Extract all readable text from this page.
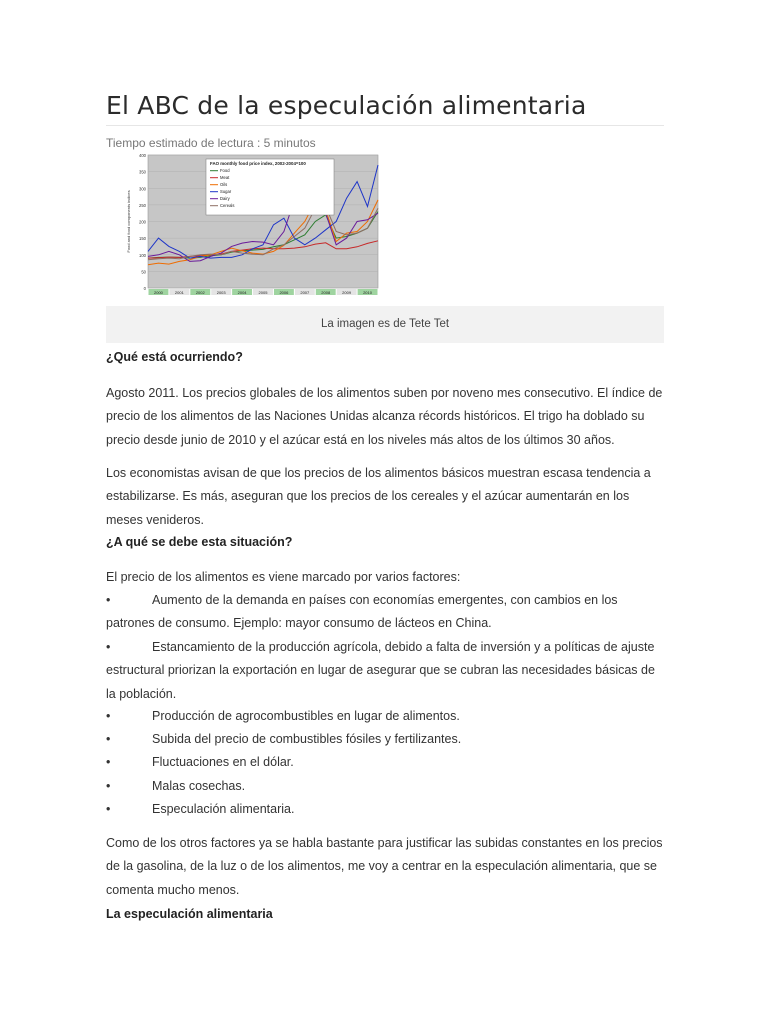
El ABC de la especulación alimentaria
Tiempo estimado de lectura : 5 minutos
0
50
100
150
200
250
300
350
400
Food and food components indices
2000	2001	2002	2003	2004	2005	2006	2007	2008	2009	2010
FAO monthly food price index, 2002-2004=100
Food
Meat
Oils
Sugar
Dairy
Cereals
La imagen es de Tete Tet
¿Qué está ocurriendo?

Agosto 2011. Los precios globales de los alimentos suben por noveno mes consecutivo. El índice de precio de los alimentos de las Naciones Unidas alcanza récords históricos. El trigo ha doblado su precio desde junio de 2010 y el azúcar está en los niveles más altos de los últimos 30 años.

Los economistas avisan de que los precios de los alimentos básicos muestran escasa tendencia a estabilizarse. Es más, aseguran que los precios de los cereales y el azúcar aumentarán en los meses venideros.

¿A qué se debe esta situación?

El precio de los alimentos es viene marcado por varios factores:

•	Aumento de la demanda en países con economías emergentes, con cambios en los patrones de consumo. Ejemplo: mayor consumo de lácteos en China.
•	Estancamiento de la producción agrícola, debido a falta de inversión y a políticas de ajuste estructural priorizan la exportación en lugar de asegurar que se cubran las necesidades básicas de la población.
•	Producción de agrocombustibles en lugar de alimentos.
•	Subida del precio de combustibles fósiles y fertilizantes.
•	Fluctuaciones en el dólar.
•	Malas cosechas.
•	Especulación alimentaria.

Como de los otros factores ya se habla bastante para justificar las subidas constantes en los precios de la gasolina, de la luz o de los alimentos, me voy a centrar en la especulación alimentaria, que se comenta mucho menos.

La especulación alimentaria
